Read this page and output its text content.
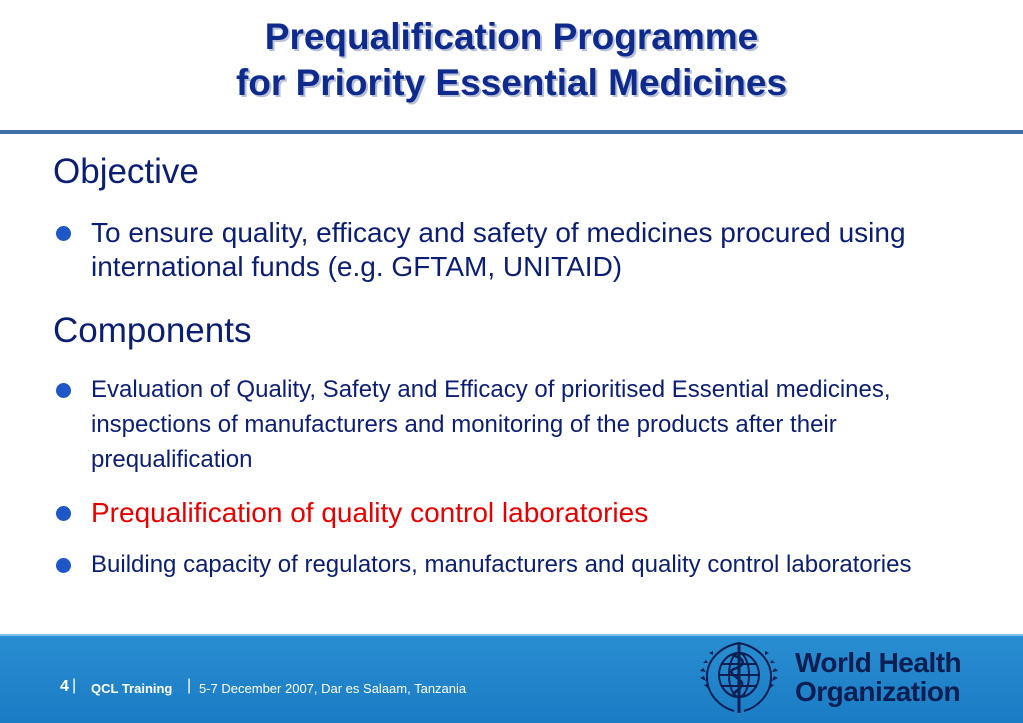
Prequalification Programme
for Priority Essential Medicines
Objective
To ensure quality, efficacy and safety of medicines procured using international funds (e.g. GFTAM, UNITAID)
Components
Evaluation of Quality, Safety and Efficacy of prioritised Essential medicines, inspections of manufacturers and monitoring of the products after their prequalification
Prequalification of quality control laboratories
Building capacity of regulators, manufacturers and quality control laboratories
4 | QCL Training | 5-7 December 2007, Dar es Salaam, Tanzania
World Health
Organization
